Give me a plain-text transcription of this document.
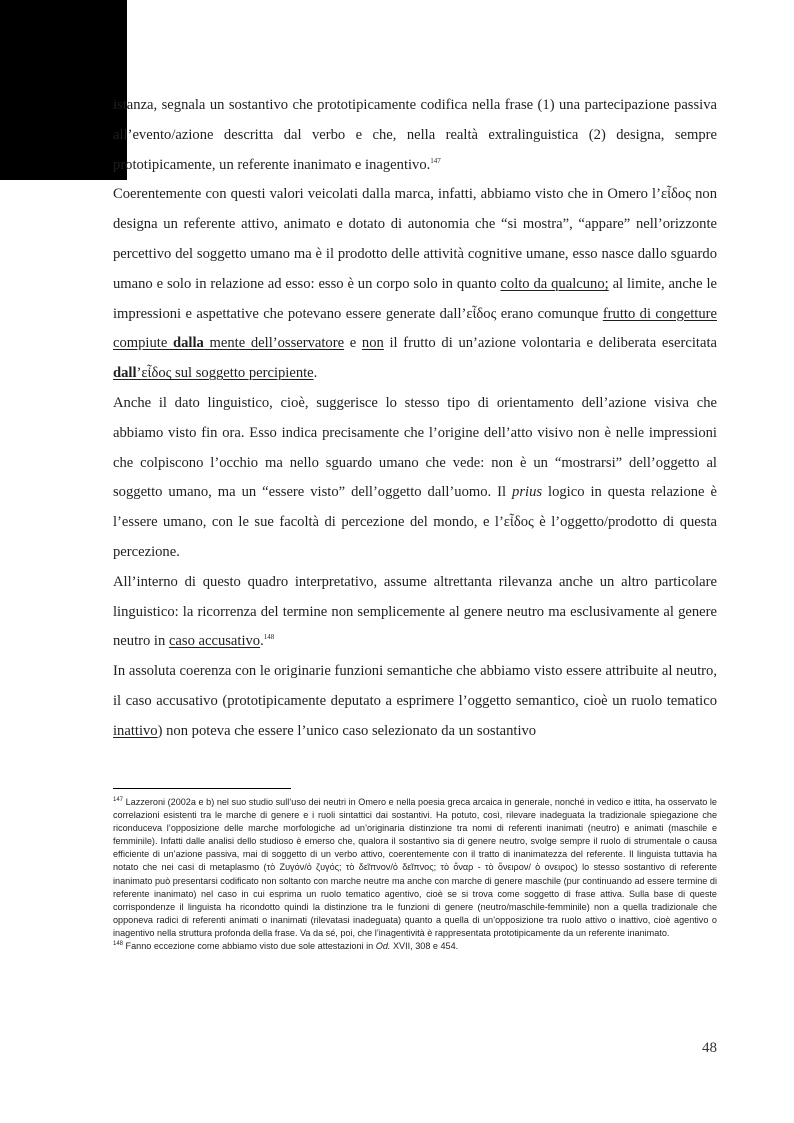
istanza, segnala un sostantivo che prototipicamente codifica nella frase (1) una partecipazione passiva all’evento/azione descritta dal verbo e che, nella realtà extralinguistica (2) designa, sempre prototipicamente, un referente inanimato e inagentivo.$^{147}$

Coerentemente con questi valori veicolati dalla marca, infatti, abbiamo visto che in Omero l’εἶδος non designa un referente attivo, animato e dotato di autonomia che “si mostra”, “appare” nell’orizzonte percettivo del soggetto umano ma è il prodotto delle attività cognitive umane, esso nasce dallo sguardo umano e solo in relazione ad esso: esso è un corpo solo in quanto colto da qualcuno; al limite, anche le impressioni e aspettative che potevano essere generate dall’εἶδος erano comunque frutto di congetture compiute dalla mente dell’osservatore e non il frutto di un’azione volontaria e deliberata esercitata dall’εἶδος sul soggetto percipiente.

Anche il dato linguistico, cioè, suggerisce lo stesso tipo di orientamento dell’azione visiva che abbiamo visto fin ora. Esso indica precisamente che l’origine dell’atto visivo non è nelle impressioni che colpiscono l’occhio ma nello sguardo umano che vede: non è un “mostrarsi” dell’oggetto al soggetto umano, ma un “essere visto” dell’oggetto dall’uomo. Il prius logico in questa relazione è l’essere umano, con le sue facoltà di percezione del mondo, e l’εἶδος è l’oggetto/prodotto di questa percezione.

All’interno di questo quadro interpretativo, assume altrettanta rilevanza anche un altro particolare linguistico: la ricorrenza del termine non semplicemente al genere neutro ma esclusivamente al genere neutro in caso accusativo.$^{148}$

In assoluta coerenza con le originarie funzioni semantiche che abbiamo visto essere attribuite al neutro, il caso accusativo (prototipicamente deputato a esprimere l’oggetto semantico, cioè un ruolo tematico inattivo) non poteva che essere l’unico caso selezionato da un sostantivo

$^{147}$ Lazzeroni (2002a e b) nel suo studio sull’uso dei neutri in Omero e nella poesia greca arcaica in generale, nonché in vedico e ittita, ha osservato le correlazioni esistenti tra le marche di genere e i ruoli sintattici dai sostantivi. Ha potuto, così, rilevare inadeguata la tradizionale spiegazione che riconduceva l’opposizione delle marche morfologiche ad un’originaria distinzione tra nomi di referenti inanimati (neutro) e animati (maschile e femminile). Infatti dalle analisi dello studioso è emerso che, qualora il sostantivo sia di genere neutro, svolge sempre il ruolo di strumentale o causa efficiente di un’azione passiva, mai di soggetto di un verbo attivo, coerentemente con il tratto di inanimatezza del referente. Il linguista tuttavia ha notato che nei casi di metaplasmo (τὸ Ζυγόν/ὁ ζυγός; τὸ δεῖπνον/ὁ δεῖπνος; τὸ ὄναρ - τὸ ὄνειρον/ ὁ ονειρος) lo stesso sostantivo di referente inanimato può presentarsi codificato non soltanto con marche neutre ma anche con marche di genere maschile (pur continuando ad essere termine di referente inanimato) nel caso in cui esprima un ruolo tematico agentivo, cioè se si trova come soggetto di frase attiva. Sulla base di queste corrispondenze il linguista ha ricondotto quindi la distinzione tra le funzioni di genere (neutro/maschile-femminile) non a quella tradizionale che opponeva radici di referenti animati o inanimati (rilevatasi inadeguata) quanto a quella di un’opposizione tra ruolo attivo o inattivo, cioè agentivo o inagentivo nella struttura profonda della frase. Va da sé, poi, che l’inagentività è rappresentata prototipicamente da un referente inanimato.

$^{148}$ Fanno eccezione come abbiamo visto due sole attestazioni in Od. XVII, 308 e 454.

48
